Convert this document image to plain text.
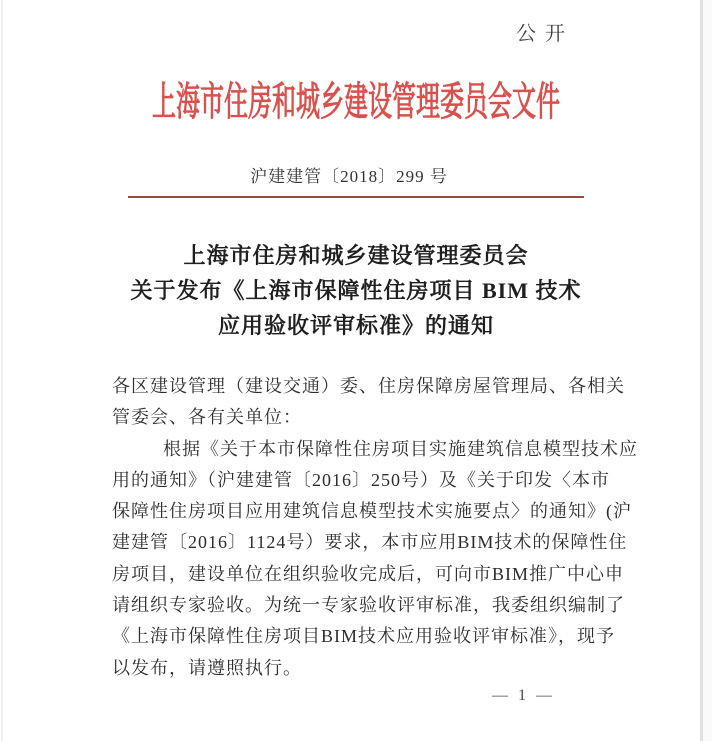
公 开
上海市住房和城乡建设管理委员会文件
沪建建管〔2018〕299 号
上海市住房和城乡建设管理委员会
关于发布《上海市保障性住房项目 BIM 技术
应用验收评审标准》的通知
各区建设管理（建设交通）委、住房保障房屋管理局、各相关
管委会、各有关单位：
根据《关于本市保障性住房项目实施建筑信息模型技术应
用的通知》（沪建建管〔2016〕250号）及《关于印发〈本市
保障性住房项目应用建筑信息模型技术实施要点〉的通知》(沪
建建管〔2016〕1124号）要求，本市应用BIM技术的保障性住
房项目，建设单位在组织验收完成后，可向市BIM推广中心申
请组织专家验收。为统一专家验收评审标准，我委组织编制了
《上海市保障性住房项目BIM技术应用验收评审标准》，现予
以发布，请遵照执行。
— 1 —
